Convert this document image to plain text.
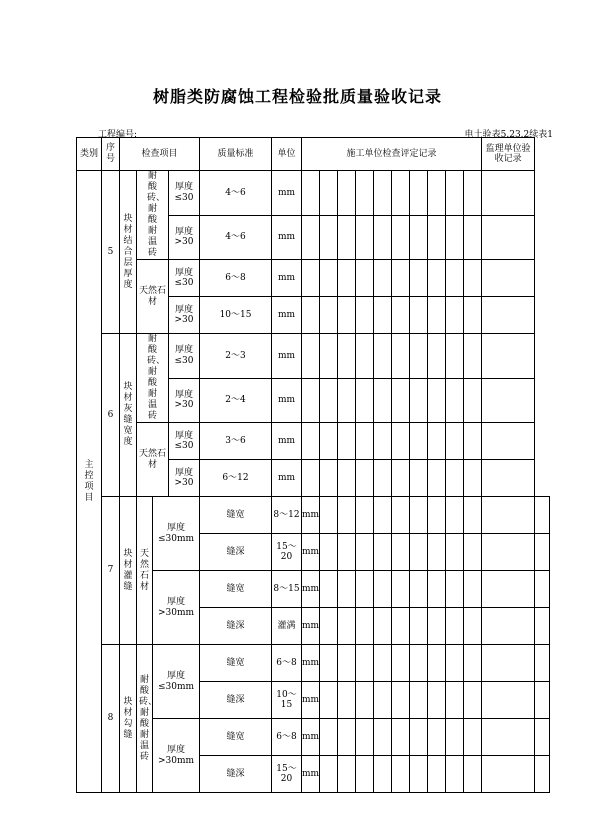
树脂类防腐蚀工程检验批质量验收记录
工程编号:	电土验表5.23.2续表1
类别	序号	检查项目				质量标准	单位	施工单位检查评定记录										监理单位验收记录	
主控项目	5	块材结合层厚度	耐酸砖、耐酸耐温砖		厚度≤30	4～6	mm												
					厚度>30	4～6	mm												
			天然石材		厚度≤30	6～8	mm												
					厚度>30	10～15	mm												
	6	块材灰缝宽度	耐酸砖、耐酸耐温砖		厚度≤30	2～3	mm												
					厚度>30	2～4	mm												
			天然石材		厚度≤30	3～6	mm												
					厚度>30	6～12	mm												
	7	块材灌缝	天然石材	厚度≤30mm		缝宽	8～12	mm											
						缝深	15～20	mm											
				厚度>30mm		缝宽	8～15	mm											
						缝深	灌满	mm											
	8	块材勾缝	耐酸砖、耐酸耐温砖	厚度≤30mm		缝宽	6～8	mm											
						缝深	10～15	mm											
				厚度>30mm		缝宽	6～8	mm											
						缝深	15～20	mm											
